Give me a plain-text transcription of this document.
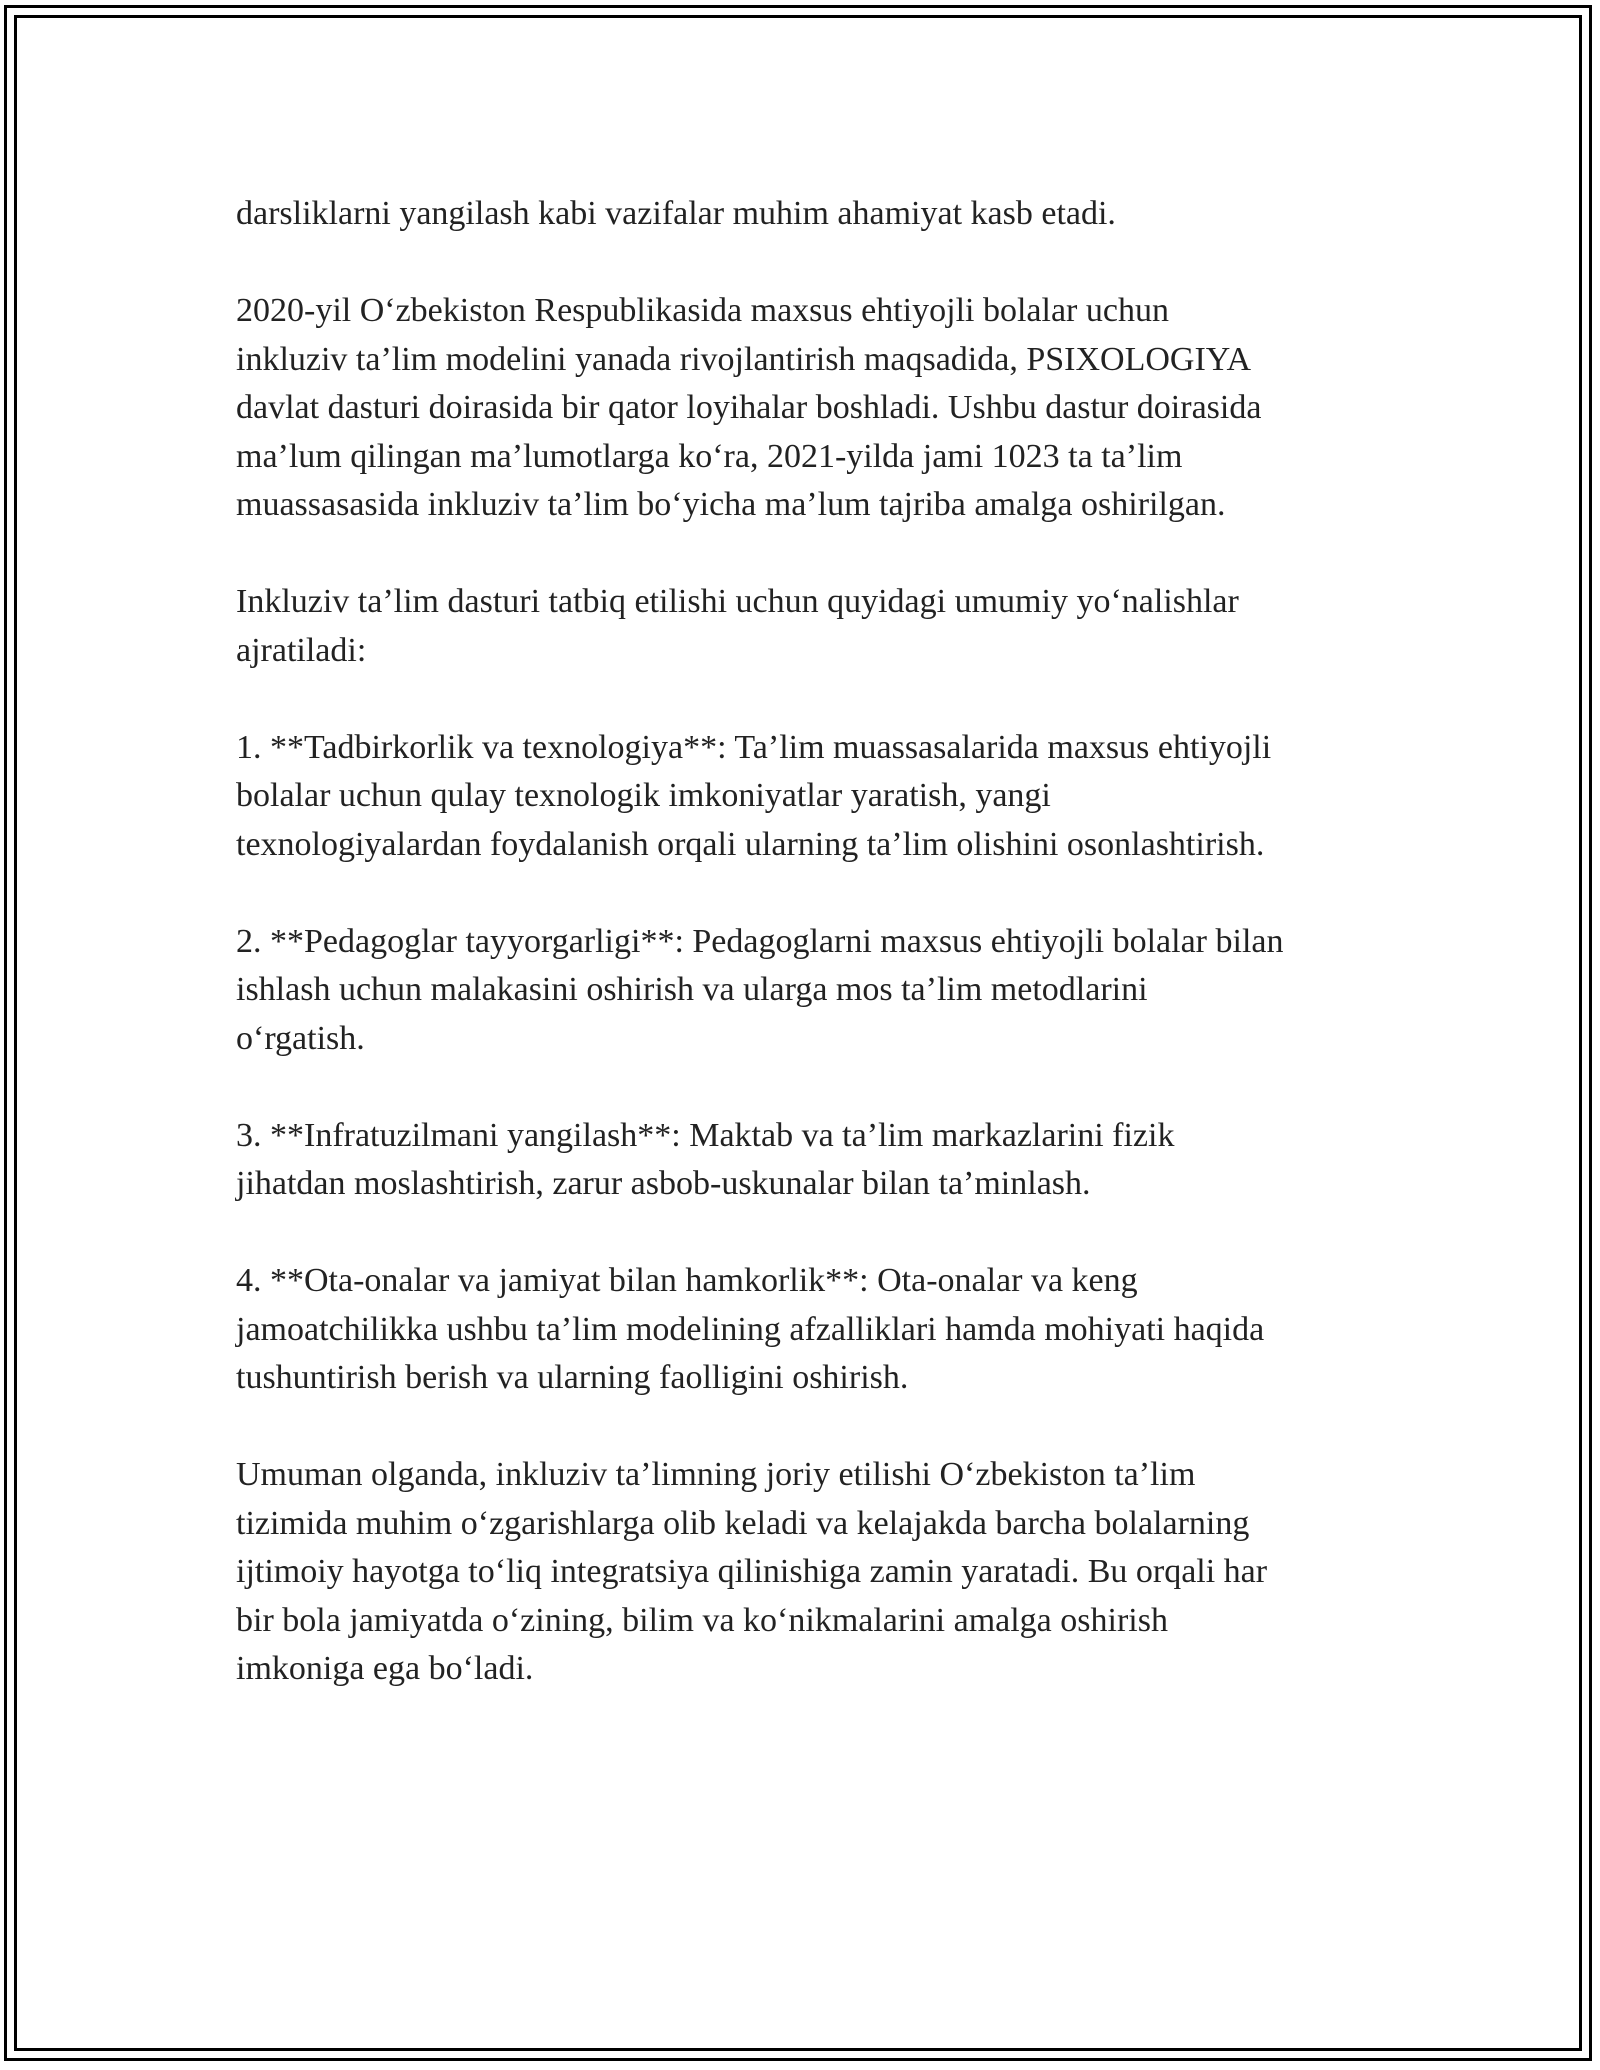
darsliklarni yangilash kabi vazifalar muhim ahamiyat kasb etadi.

2020-yil O‘zbekiston Respublikasida maxsus ehtiyojli bolalar uchun
inkluziv ta’lim modelini yanada rivojlantirish maqsadida, PSIXOLOGIYA
davlat dasturi doirasida bir qator loyihalar boshladi. Ushbu dastur doirasida
ma’lum qilingan ma’lumotlarga ko‘ra, 2021-yilda jami 1023 ta ta’lim
muassasasida inkluziv ta’lim bo‘yicha ma’lum tajriba amalga oshirilgan.

Inkluziv ta’lim dasturi tatbiq etilishi uchun quyidagi umumiy yo‘nalishlar
ajratiladi:

1. **Tadbirkorlik va texnologiya**: Ta’lim muassasalarida maxsus ehtiyojli
bolalar uchun qulay texnologik imkoniyatlar yaratish, yangi
texnologiyalardan foydalanish orqali ularning ta’lim olishini osonlashtirish.

2. **Pedagoglar tayyorgarligi**: Pedagoglarni maxsus ehtiyojli bolalar bilan
ishlash uchun malakasini oshirish va ularga mos ta’lim metodlarini
o‘rgatish.

3. **Infratuzilmani yangilash**: Maktab va ta’lim markazlarini fizik
jihatdan moslashtirish, zarur asbob-uskunalar bilan ta’minlash.

4. **Ota-onalar va jamiyat bilan hamkorlik**: Ota-onalar va keng
jamoatchilikka ushbu ta’lim modelining afzalliklari hamda mohiyati haqida
tushuntirish berish va ularning faolligini oshirish.

Umuman olganda, inkluziv ta’limning joriy etilishi O‘zbekiston ta’lim
tizimida muhim o‘zgarishlarga olib keladi va kelajakda barcha bolalarning
ijtimoiy hayotga to‘liq integratsiya qilinishiga zamin yaratadi. Bu orqali har
bir bola jamiyatda o‘zining, bilim va ko‘nikmalarini amalga oshirish
imkoniga ega bo‘ladi.
